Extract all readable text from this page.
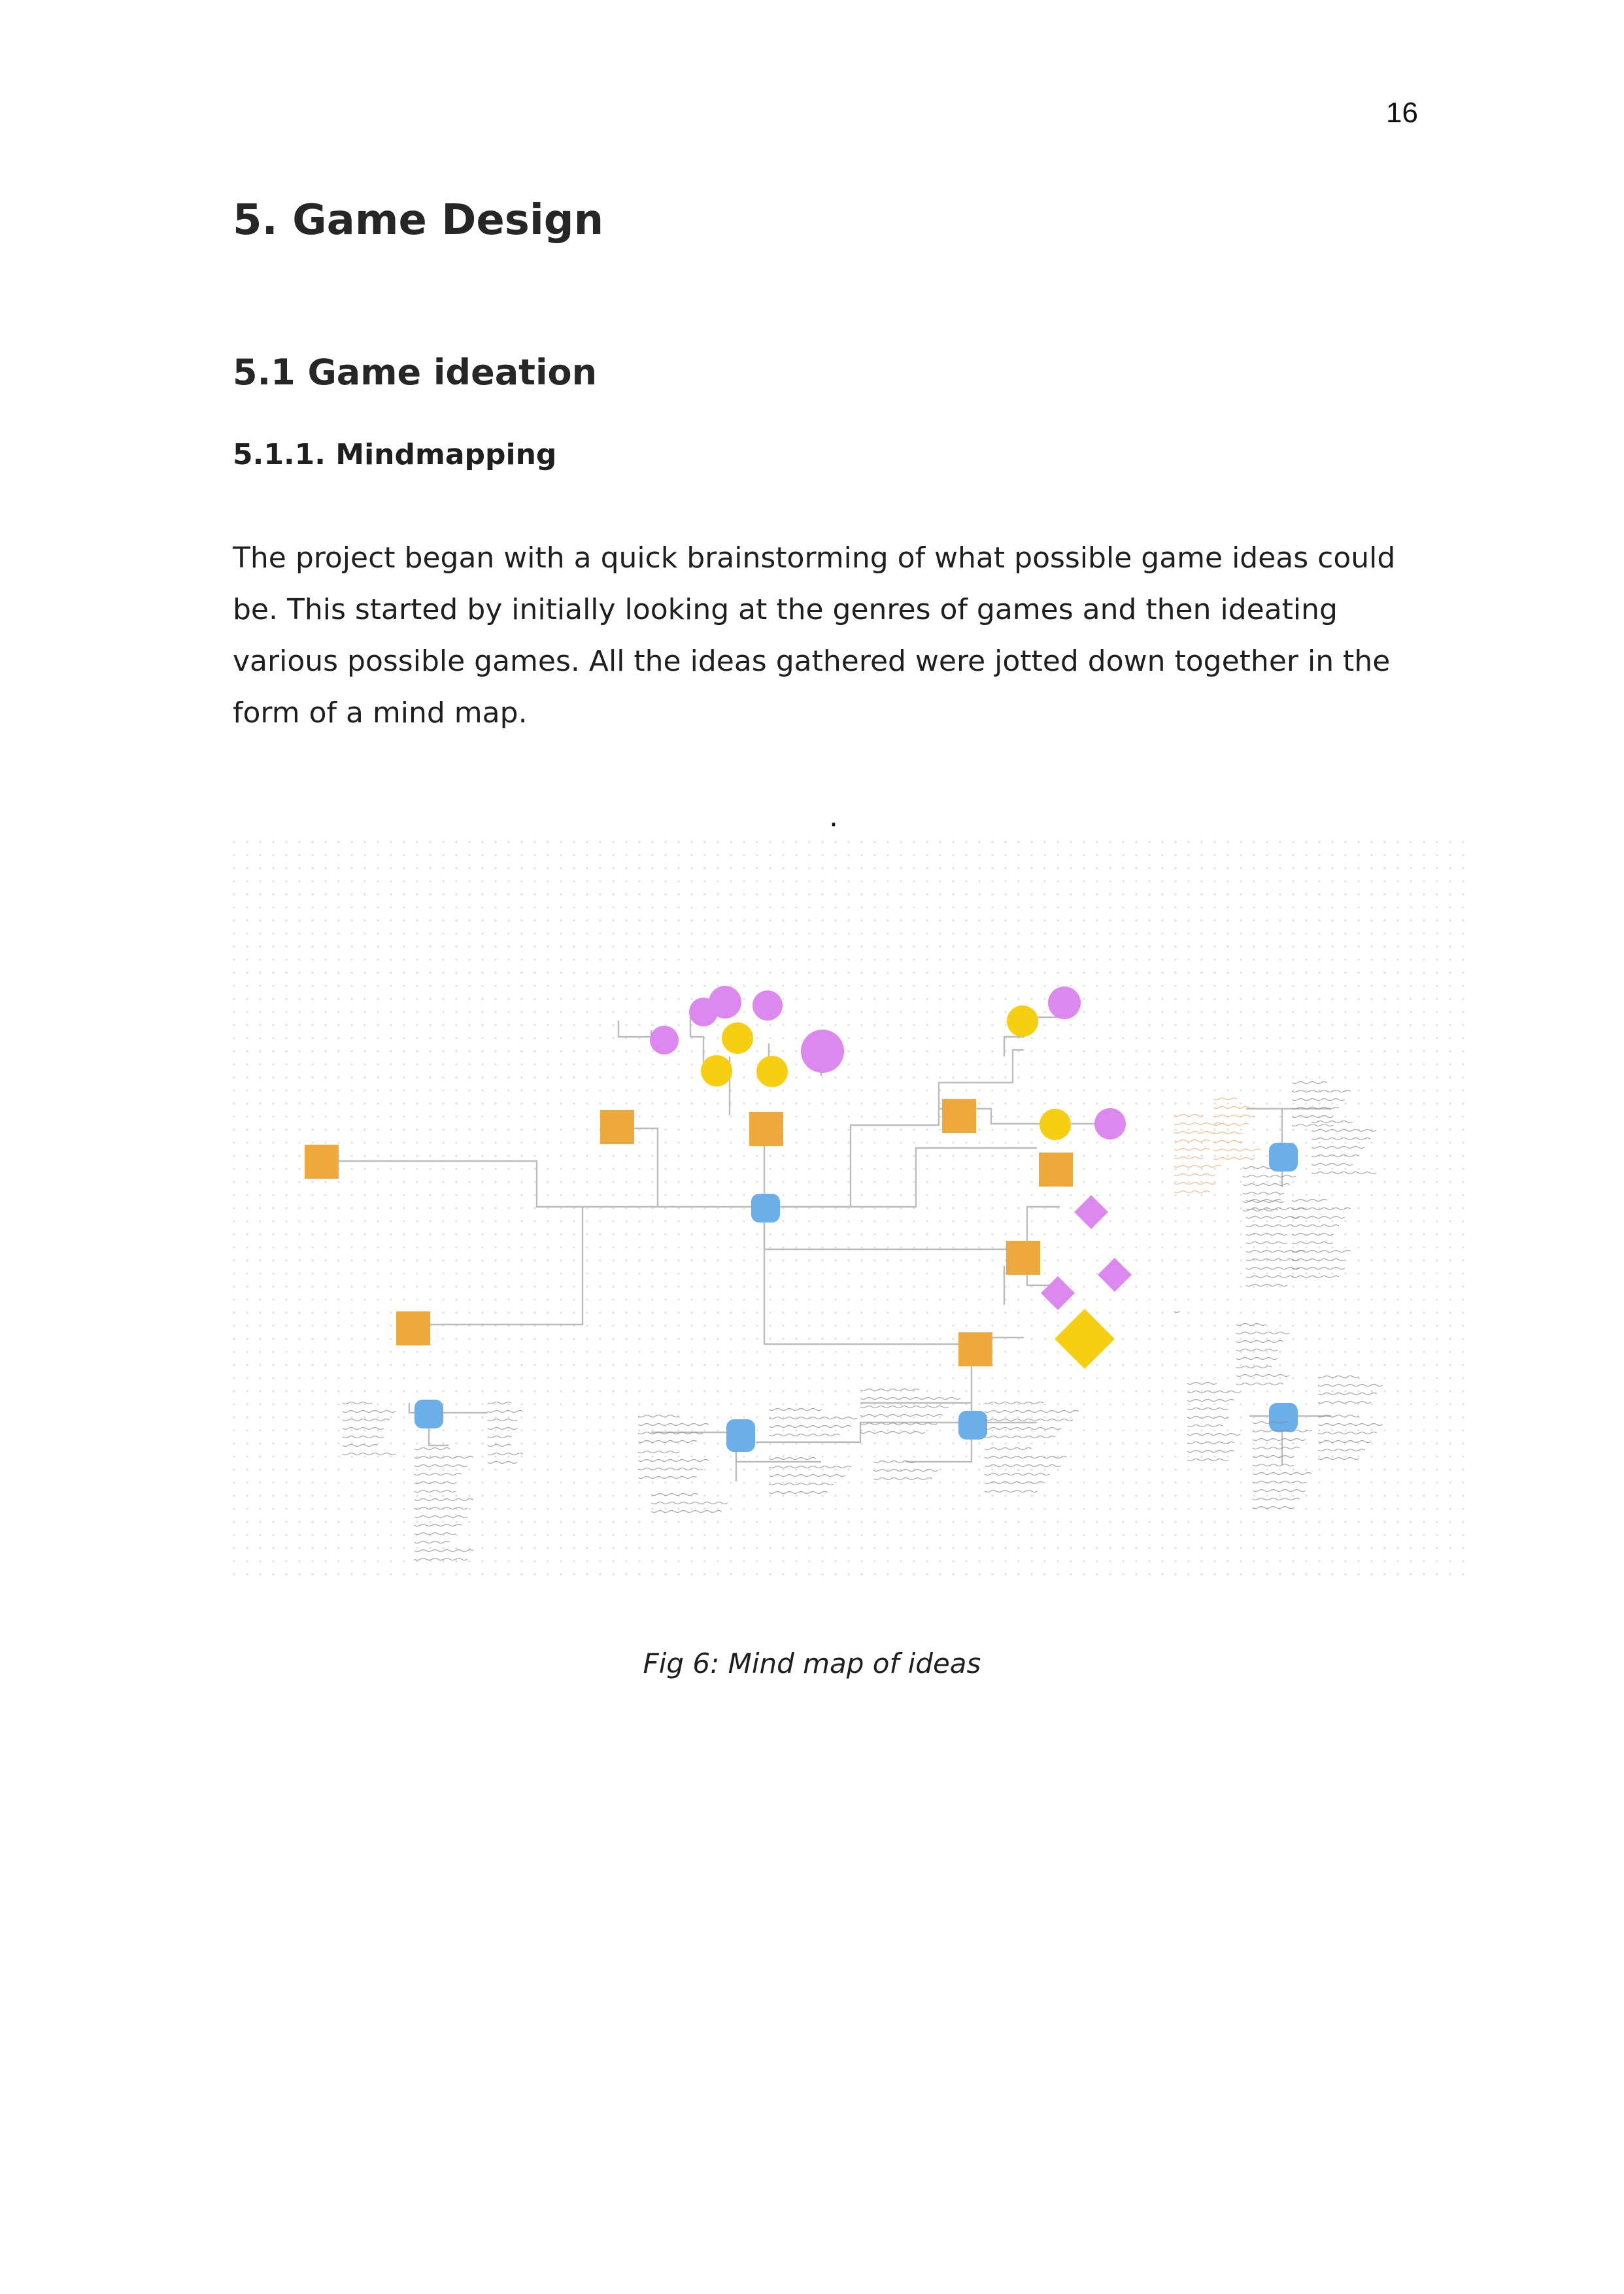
16
5. Game Design
5.1 Game ideation
5.1.1. Mindmapping

The project began with a quick brainstorming of what possible game ideas could be. This started by initially looking at the genres of games and then ideating various possible games. All the ideas gathered were jotted down together in the form of a mind map.

.
Fig 6: Mind map of ideas
